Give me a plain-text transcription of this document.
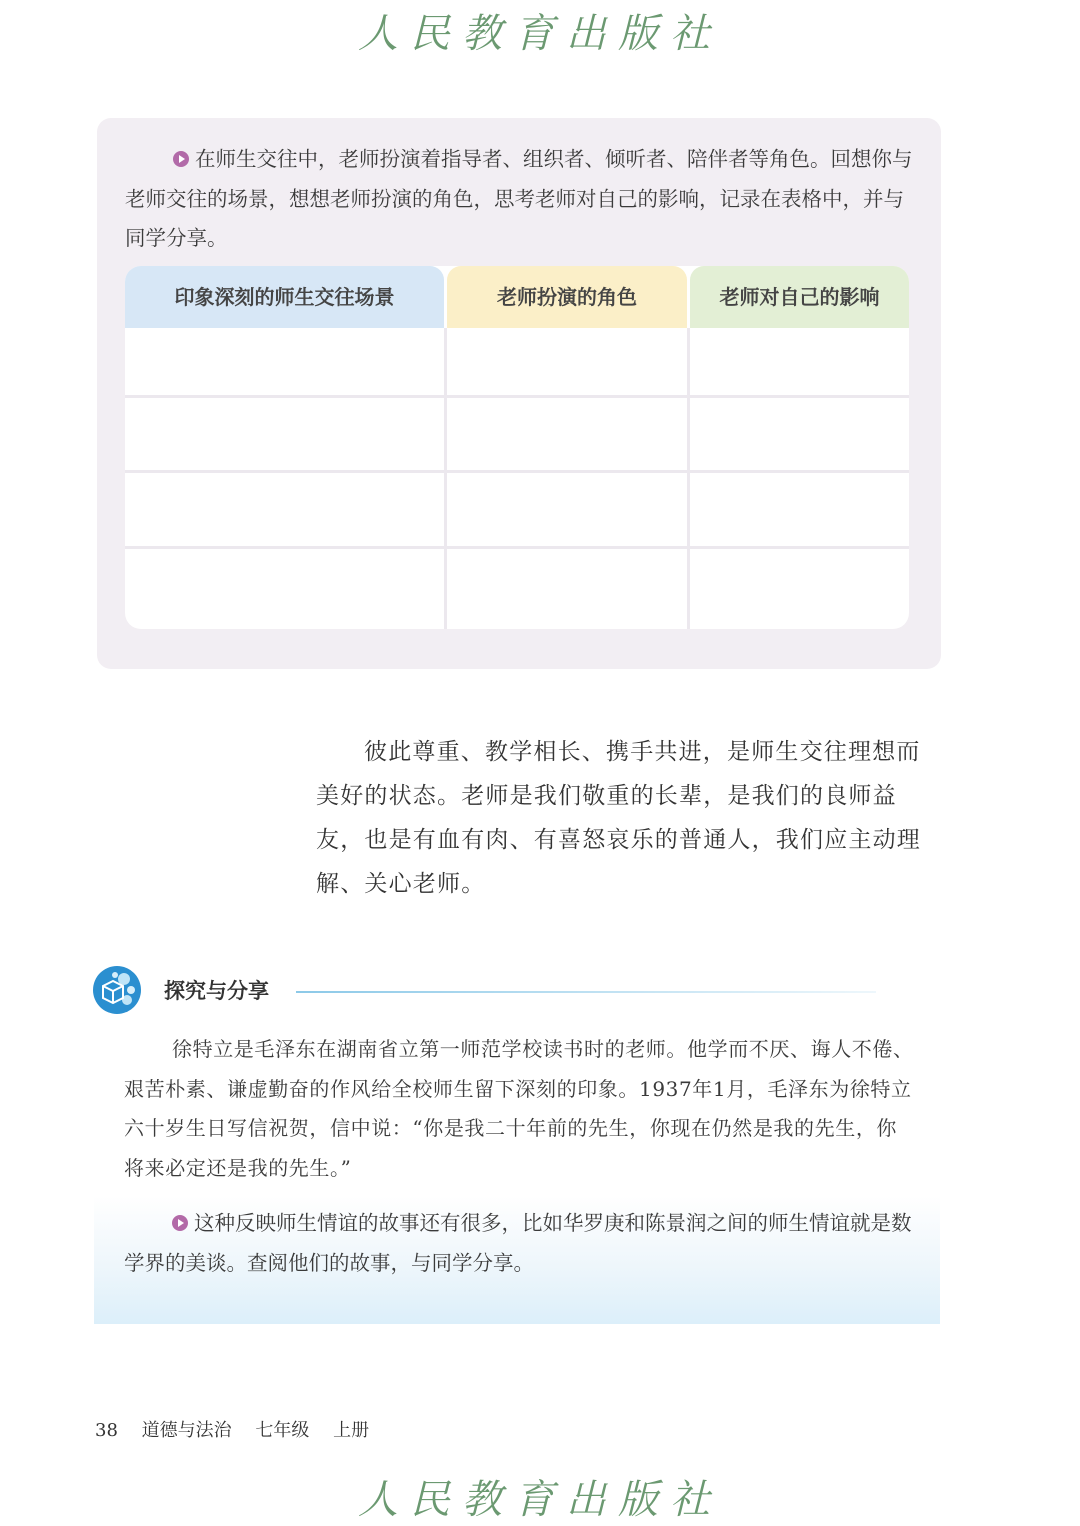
人民教育出版社

在师生交往中，老师扮演着指导者、组织者、倾听者、陪伴者等角色。回想你与老师交往的场景，想想老师扮演的角色，思考老师对自己的影响，记录在表格中，并与同学分享。

印象深刻的师生交往场景	老师扮演的角色	老师对自己的影响

彼此尊重、教学相长、携手共进，是师生交往理想而美好的状态。老师是我们敬重的长辈，是我们的良师益友，也是有血有肉、有喜怒哀乐的普通人，我们应主动理解、关心老师。

探究与分享

徐特立是毛泽东在湖南省立第一师范学校读书时的老师。他学而不厌、诲人不倦、艰苦朴素、谦虚勤奋的作风给全校师生留下深刻的印象。1937年1月，毛泽东为徐特立六十岁生日写信祝贺，信中说：“你是我二十年前的先生，你现在仍然是我的先生，你将来必定还是我的先生。”

这种反映师生情谊的故事还有很多，比如华罗庚和陈景润之间的师生情谊就是数学界的美谈。查阅他们的故事，与同学分享。

38 道德与法治 七年级 上册
人民教育出版社
